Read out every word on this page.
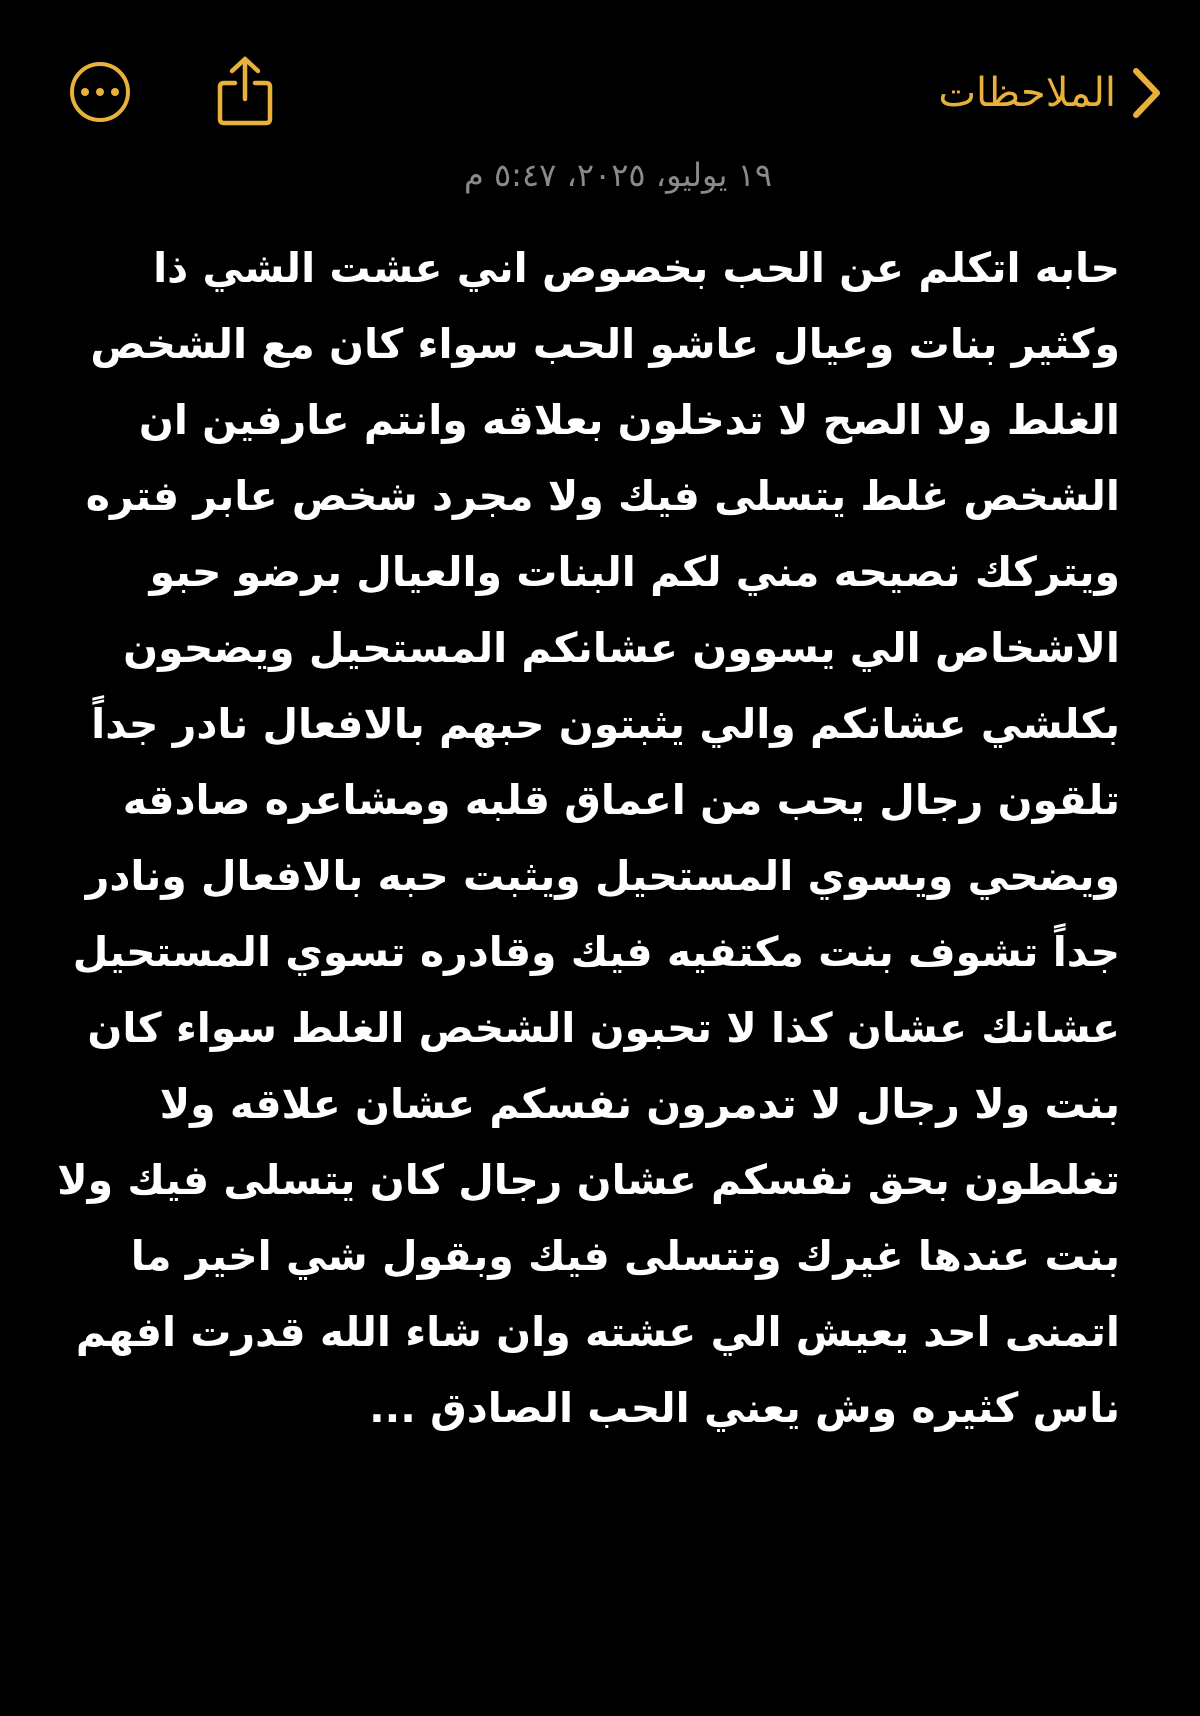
الملاحظات
١٩ يوليو، ٢٠٢٥، ٥:٤٧ م
حابه اتكلم عن الحب بخصوص اني عشت الشي ذا
وكثير بنات وعيال عاشو الحب سواء كان مع الشخص
الغلط ولا الصح لا تدخلون بعلاقه وانتم عارفين ان
الشخص غلط يتسلى فيك ولا مجرد شخص عابر فتره
ويتركك نصيحه مني لكم البنات والعيال برضو حبو
الاشخاص الي يسوون عشانكم المستحيل ويضحون
بكلشي عشانكم والي يثبتون حبهم بالافعال نادر جداً
تلقون رجال يحب من اعماق قلبه ومشاعره صادقه
ويضحي ويسوي المستحيل ويثبت حبه بالافعال ونادر
جداً تشوف بنت مكتفيه فيك وقادره تسوي المستحيل
عشانك عشان كذا لا تحبون الشخص الغلط سواء كان
بنت ولا رجال لا تدمرون نفسكم عشان علاقه ولا
تغلطون بحق نفسكم عشان رجال كان يتسلى فيك ولا
بنت عندها غيرك وتتسلى فيك وبقول شي اخير ما
اتمنى احد يعيش الي عشته وان شاء الله قدرت افهم
ناس كثيره وش يعني الحب الصادق ...
